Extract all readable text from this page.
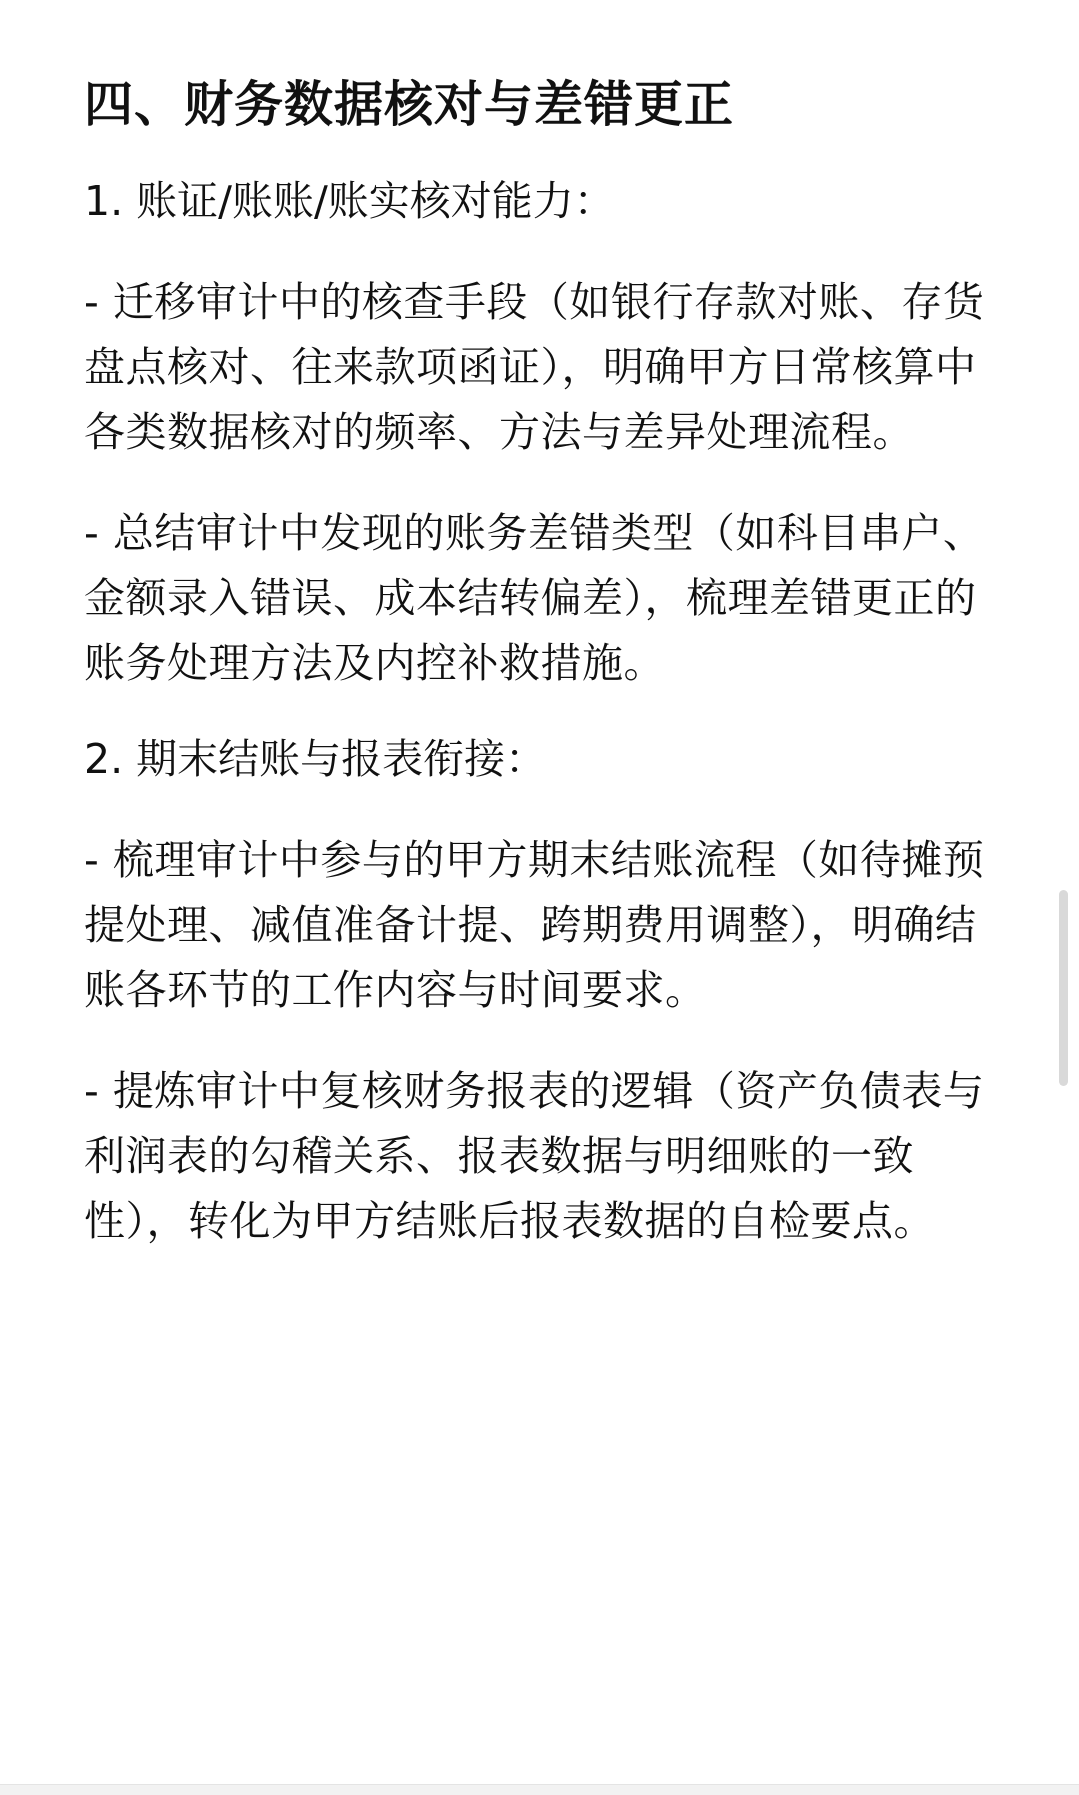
四、财务数据核对与差错更正
1. 账证/账账/账实核对能力：
- 迁移审计中的核查手段（如银行存款对账、存货盘点核对、往来款项函证），明确甲方日常核算中各类数据核对的频率、方法与差异处理流程。
- 总结审计中发现的账务差错类型（如科目串户、金额录入错误、成本结转偏差），梳理差错更正的账务处理方法及内控补救措施。
2. 期末结账与报表衔接：
- 梳理审计中参与的甲方期末结账流程（如待摊预提处理、减值准备计提、跨期费用调整），明确结账各环节的工作内容与时间要求。
- 提炼审计中复核财务报表的逻辑（资产负债表与利润表的勾稽关系、报表数据与明细账的一致性），转化为甲方结账后报表数据的自检要点。
